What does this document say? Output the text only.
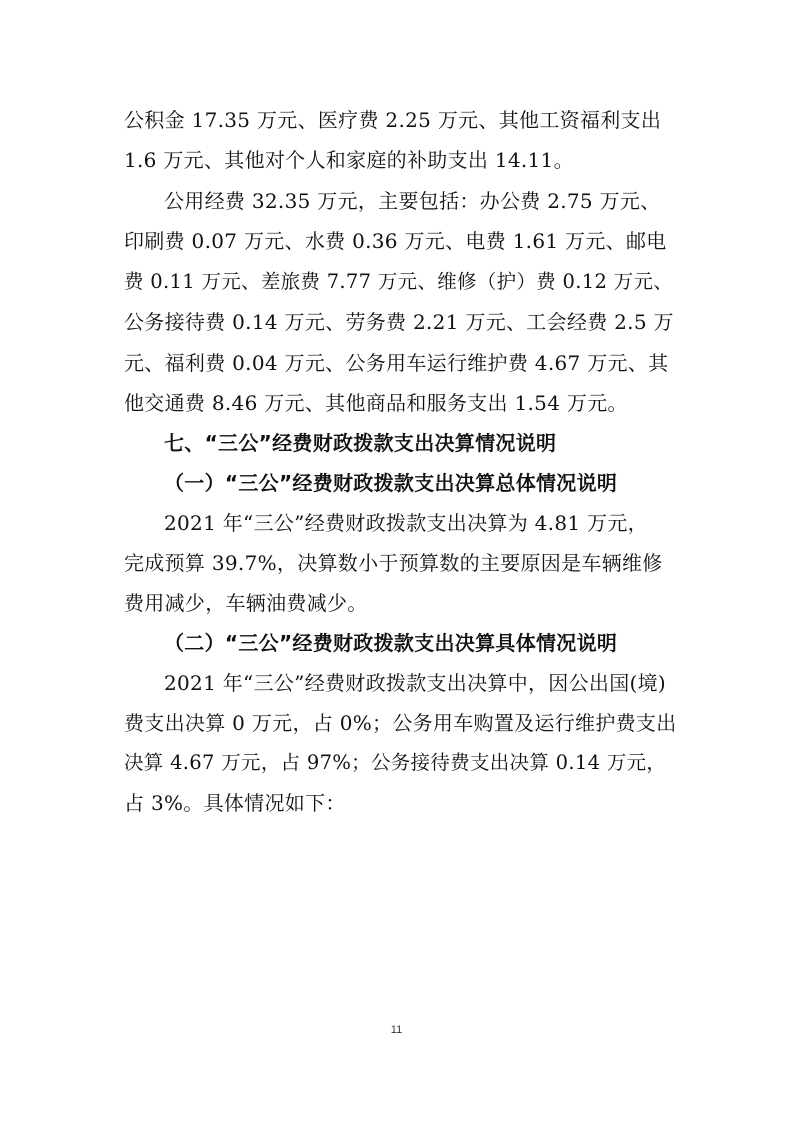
公积金 17.35 万元、医疗费 2.25 万元、其他工资福利支出
1.6 万元、其他对个人和家庭的补助支出 14.11。
公用经费 32.35 万元，主要包括：办公费 2.75 万元、
印刷费 0.07 万元、水费 0.36 万元、电费 1.61 万元、邮电
费 0.11 万元、差旅费 7.77 万元、维修（护）费 0.12 万元、
公务接待费 0.14 万元、劳务费 2.21 万元、工会经费 2.5 万
元、福利费 0.04 万元、公务用车运行维护费 4.67 万元、其
他交通费 8.46 万元、其他商品和服务支出 1.54 万元。
七、“三公”经费财政拨款支出决算情况说明
（一）“三公”经费财政拨款支出决算总体情况说明
2021 年“三公”经费财政拨款支出决算为 4.81 万元，
完成预算 39.7%，决算数小于预算数的主要原因是车辆维修
费用减少，车辆油费减少。
（二）“三公”经费财政拨款支出决算具体情况说明
2021 年“三公”经费财政拨款支出决算中，因公出国(境)
费支出决算 0 万元，占 0%；公务用车购置及运行维护费支出
决算 4.67 万元，占 97%；公务接待费支出决算 0.14 万元，
占 3%。具体情况如下：
11
